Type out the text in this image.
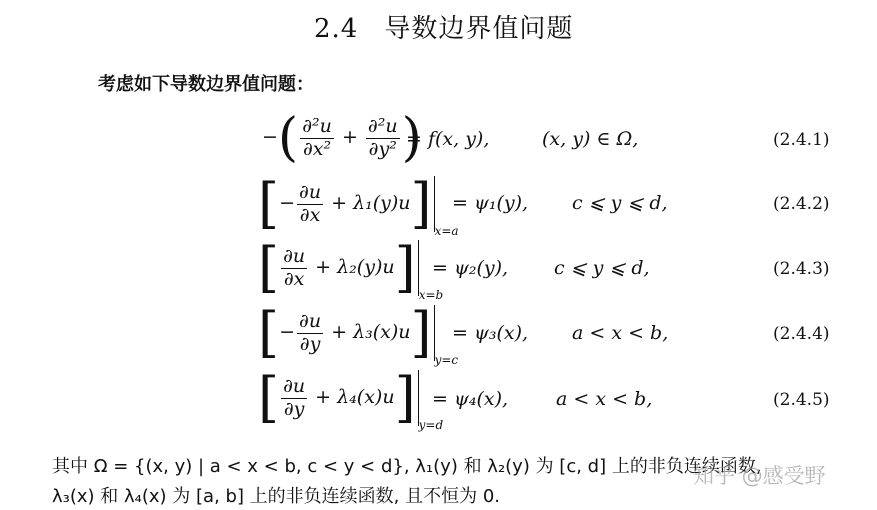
2.4 导数边界值问题
考虑如下导数边界值问题：
−( $\frac{\text{∂²u}}{\text{∂x²}} + \frac{\text{∂²u}}{\text{∂y²}}$ )
= f(x, y),	(x, y) ∈ Ω,	(2.4.1)
[− $\frac{\partial u}{\partial x} + \lambda_1(y)u$] x=a
= ψ₁(y), c ⩽ y ⩽ d,	(2.4.2)
[ $\frac{\partial u}{\partial x} + \lambda_2(y)u$] x=b
= ψ₂(y), c ⩽ y ⩽ d,	(2.4.3)
[− $\frac{\partial u}{\partial y} + \lambda_3(x)u$] y=c
= ψ₃(x), a < x < b,	(2.4.4)
[ $\frac{\partial u}{\partial y} + \lambda_4(x)u$] y=d
= ψ₄(x),	a < x < b,	(2.4.5)
其中 Ω = {(x, y) | a < x < b, c < y < d}, λ₁(y) 和 λ₂(y) 为 [c, d] 上的非负连续函数,
λ₃(x) 和 λ₄(x) 为 [a, b] 上的非负连续函数, 且不恒为 0.
知乎 @感受野
